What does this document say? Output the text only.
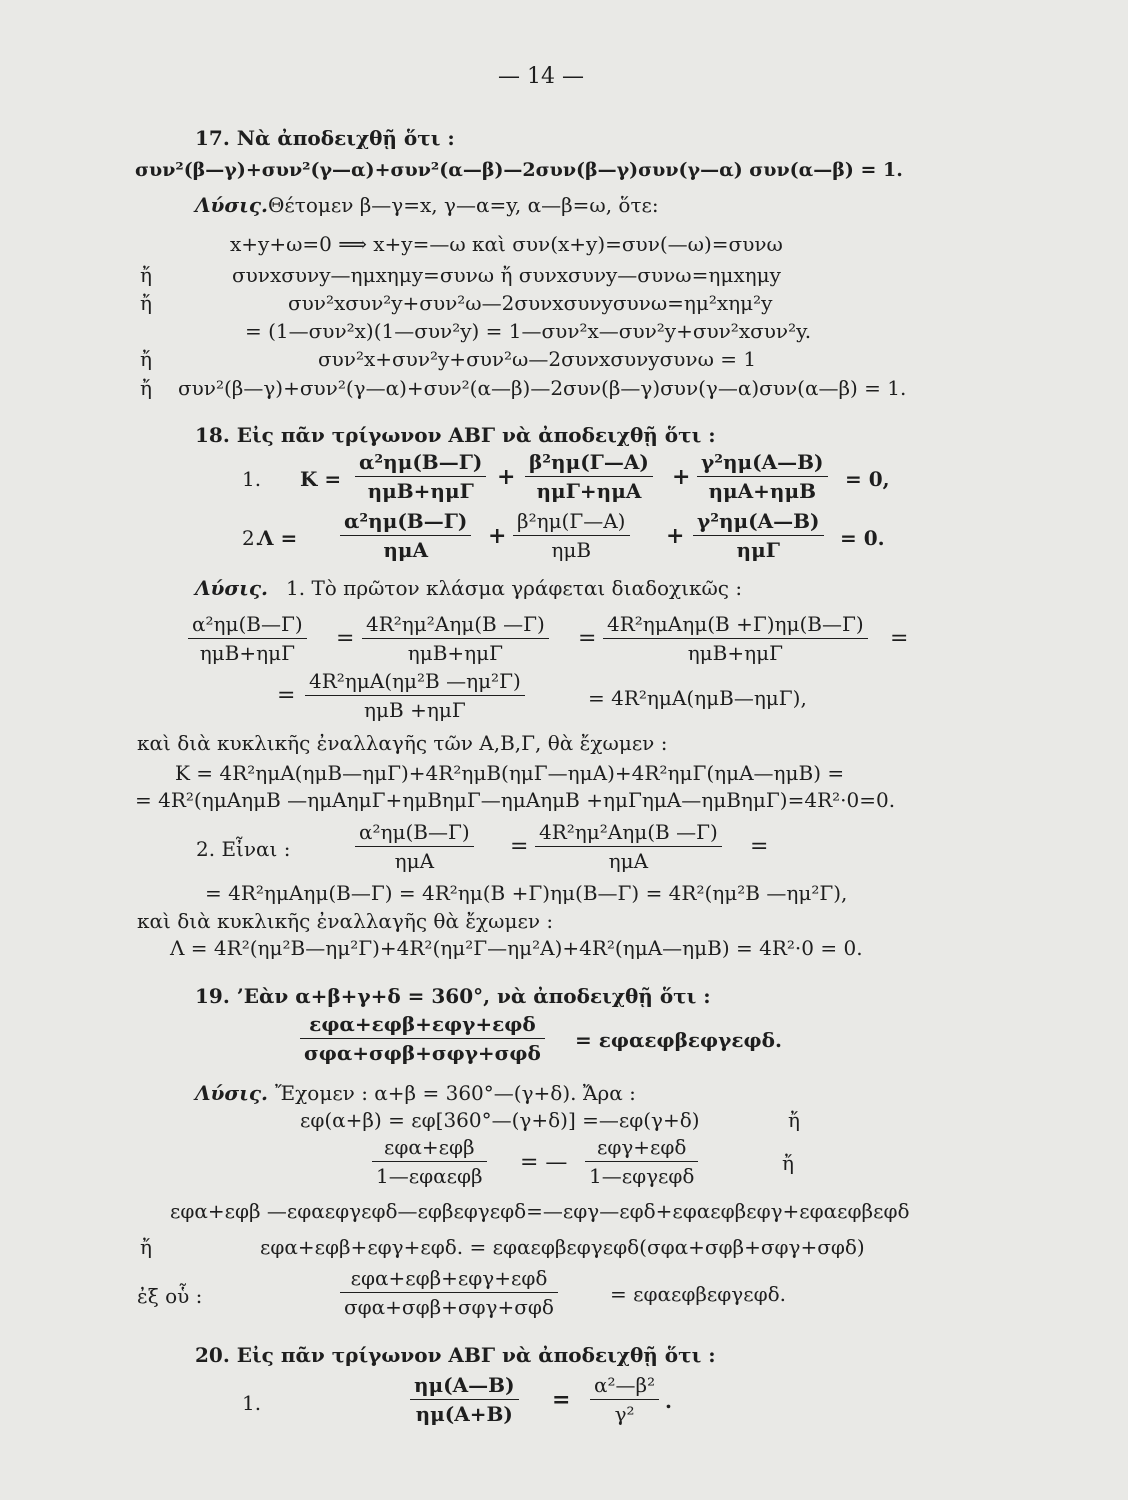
— 14 —
17. Νὰ ἀποδειχθῇ ὅτι :
συν²(β—γ)+συν²(γ—α)+συν²(α—β)—2συν(β—γ)συν(γ—α) συν(α—β) = 1.
Λύσις. Θέτομεν β—γ=x, γ—α=y, α—β=ω, ὅτε:
x+y+ω=0 ⟹ x+y=—ω καὶ συν(x+y)=συν(—ω)=συνω
ἤ	συνxσυνy—ημxημy=συνω ἤ συνxσυνy—συνω=ημxημy
ἤ	συν²xσυν²y+συν²ω—2συνxσυνyσυνω=ημ²xημ²y
= (1—συν²x)(1—συν²y) = 1—συν²x—συν²y+συν²xσυν²y.
ἤ	συν²x+συν²y+συν²ω—2συνxσυνyσυνω = 1
ἤ συν²(β—γ)+συν²(γ—α)+συν²(α—β)—2συν(β—γ)συν(γ—α)συν(α—β) = 1.
18. Εἰς πᾶν τρίγωνον ΑΒΓ νὰ ἀποδειχθῇ ὅτι :
1. K =
α²ημ(Β—Γ)
ημΒ+ημΓ
+
β²ημ(Γ—Α)
ημΓ+ημΑ
+
γ²ημ(Α—Β)
ημΑ+ημΒ	= 0,
2.
Λ =
α²ημ(Β—Γ)
ημΑ
+
β²ημ(Γ—Α)
ημΒ
+
γ²ημ(Α—Β)
ημΓ	= 0.
Λύσις. 1. Τὸ πρῶτον κλάσμα γράφεται διαδοχικῶς :
α²ημ(Β—Γ)
ημΒ+ημΓ
=
4R²ημ²Αημ(Β —Γ)
ημΒ+ημΓ
=
4R²ημΑημ(Β +Γ)ημ(Β—Γ)
ημΒ+ημΓ
=
=
4R²ημΑ(ημ²Β —ημ²Γ)
ημΒ +ημΓ	= 4R²ημΑ(ημΒ—ημΓ),
καὶ διὰ κυκλικῆς ἐναλλαγῆς τῶν Α,Β,Γ, θὰ ἔχωμεν :
K = 4R²ημΑ(ημΒ—ημΓ)+4R²ημΒ(ημΓ—ημΑ)+4R²ημΓ(ημΑ—ημΒ) =
= 4R²(ημΑημΒ —ημΑημΓ+ημΒημΓ—ημΑημΒ +ημΓημΑ—ημΒημΓ)=4R²·0=0.
2. Εἶναι :
α²ημ(Β—Γ)
ημΑ
=
4R²ημ²Αημ(Β —Γ)
ημΑ
=
= 4R²ημΑημ(Β—Γ) = 4R²ημ(Β +Γ)ημ(Β—Γ) = 4R²(ημ²Β —ημ²Γ),
καὶ διὰ κυκλικῆς ἐναλλαγῆς θὰ ἔχωμεν :
Λ = 4R²(ημ²Β—ημ²Γ)+4R²(ημ²Γ—ημ²Α)+4R²(ημΑ—ημΒ) = 4R²·0 = 0.
19. ’Εὰν α+β+γ+δ = 360°, νὰ ἀποδειχθῇ ὅτι :
εφα+εφβ+εφγ+εφδ
σφα+σφβ+σφγ+σφδ
= εφαεφβεφγεφδ.
Λύσις. Ἔχομεν : α+β = 360°—(γ+δ). Ἄρα :
εφ(α+β) = εφ[360°—(γ+δ)] =—εφ(γ+δ)	ἤ
εφα+εφβ
1—εφαεφβ
= —
εφγ+εφδ
1—εφγεφδ
ἤ
εφα+εφβ —εφαεφγεφδ—εφβεφγεφδ=—εφγ—εφδ+εφαεφβεφγ+εφαεφβεφδ
ἤ	εφα+εφβ+εφγ+εφδ. = εφαεφβεφγεφδ(σφα+σφβ+σφγ+σφδ)
ἐξ οὗ :
εφα+εφβ+εφγ+εφδ
σφα+σφβ+σφγ+σφδ
= εφαεφβεφγεφδ.
20. Εἰς πᾶν τρίγωνον ΑΒΓ νὰ ἀποδειχθῇ ὅτι :
1.	$\frac{\eta\mu(A—B)}{\eta\mu(A+B)} = \frac{\text{α²—β²}}{\text{γ²}}$ .
